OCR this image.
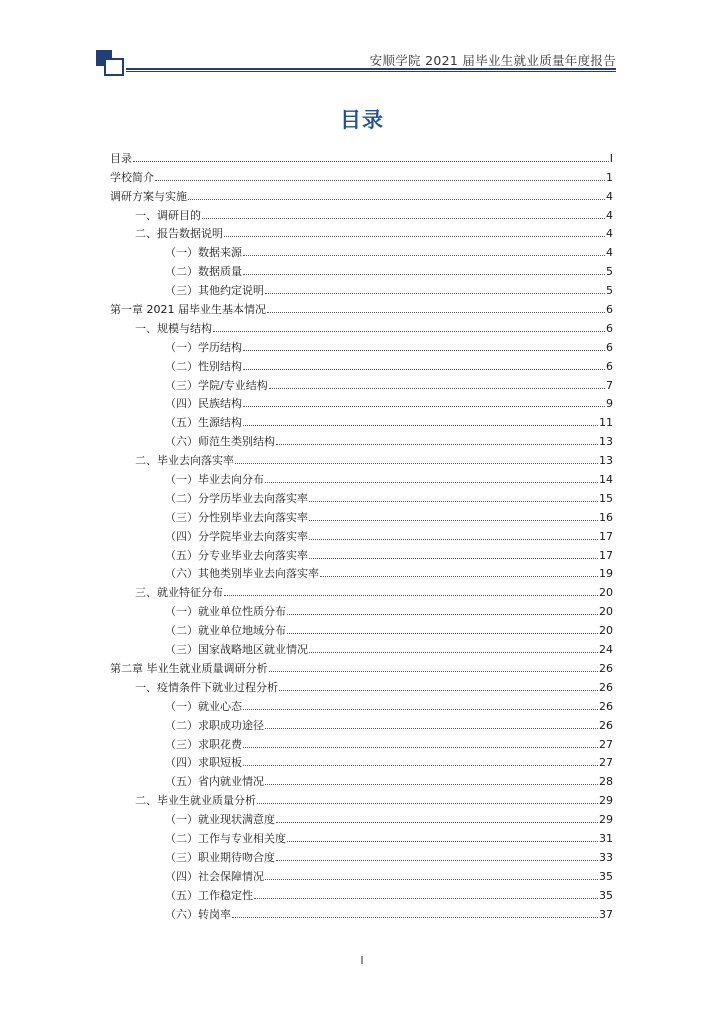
安顺学院 2021 届毕业生就业质量年度报告
目录
目录	I
学校简介	1
调研方案与实施	4
一、调研目的	4
二、报告数据说明	4
（一）数据来源	4
（二）数据质量	5
（三）其他约定说明	5
第一章 2021 届毕业生基本情况	6
一、规模与结构	6
（一）学历结构	6
（二）性别结构	6
（三）学院/专业结构	7
（四）民族结构	9
（五）生源结构	11
（六）师范生类别结构	13
二、毕业去向落实率	13
（一）毕业去向分布	14
（二）分学历毕业去向落实率	15
（三）分性别毕业去向落实率	16
（四）分学院毕业去向落实率	17
（五）分专业毕业去向落实率	17
（六）其他类别毕业去向落实率	19
三、就业特征分布	20
（一）就业单位性质分布	20
（二）就业单位地域分布	20
（三）国家战略地区就业情况	24
第二章 毕业生就业质量调研分析	26
一、疫情条件下就业过程分析	26
（一）就业心态	26
（二）求职成功途径	26
（三）求职花费	27
（四）求职短板	27
（五）省内就业情况	28
二、毕业生就业质量分析	29
（一）就业现状满意度	29
（二）工作与专业相关度	31
（三）职业期待吻合度	33
（四）社会保障情况	35
（五）工作稳定性	35
（六）转岗率	37
I
